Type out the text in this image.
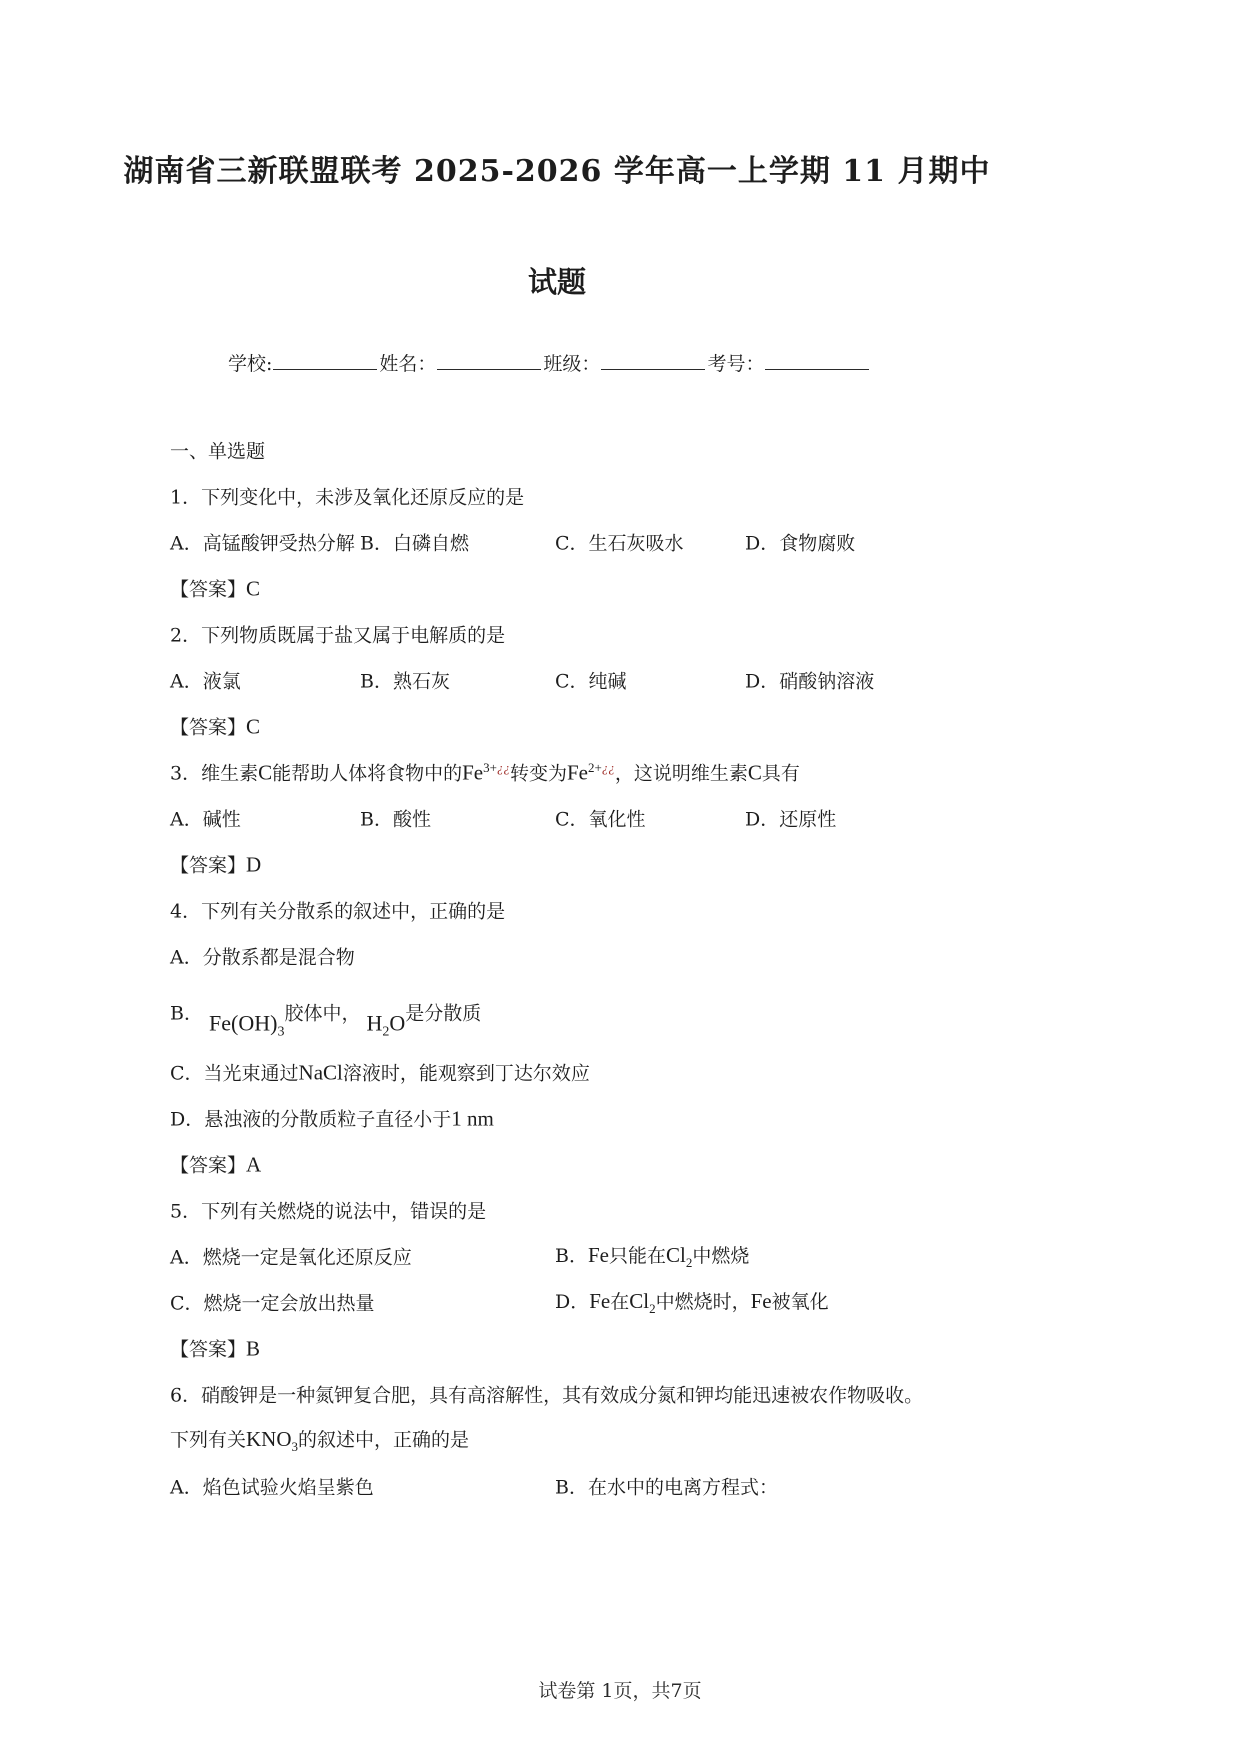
湖南省三新联盟联考 2025-2026 学年高一上学期 11 月期中
试题
学校:	姓名：	班级：	考号：
一、单选题
1．下列变化中，未涉及氧化还原反应的是
A．高锰酸钾受热分解 B．白磷自燃	C．生石灰吸水	D．食物腐败
【答案】C
2．下列物质既属于盐又属于电解质的是
A．液氯	B．熟石灰	C．纯碱	D．硝酸钠溶液
【答案】C
3．维生素C能帮助人体将食物中的$Fe^{3+¿¿}$转变为$Fe^{2+¿¿}$，这说明维生素C具有
A．碱性	B．酸性	C．氧化性	D．还原性
【答案】D
4．下列有关分散系的叙述中，正确的是
A．分散系都是混合物
B． $Fe(OH)_3$胶体中， $H_2O$是分散质
C．当光束通过NaCl溶液时，能观察到丁达尔效应
D．悬浊液的分散质粒子直径小于1 nm
【答案】A
5．下列有关燃烧的说法中，错误的是
A．燃烧一定是氧化还原反应	B．Fe只能在$Cl_2$中燃烧
C．燃烧一定会放出热量	D．Fe在$Cl_2$中燃烧时，Fe被氧化
【答案】B
6．硝酸钾是一种氮钾复合肥，具有高溶解性，其有效成分氮和钾均能迅速被农作物吸收。
下列有关$KNO_3$的叙述中，正确的是
A．焰色试验火焰呈紫色	B．在水中的电离方程式：
试卷第 1页，共7页
